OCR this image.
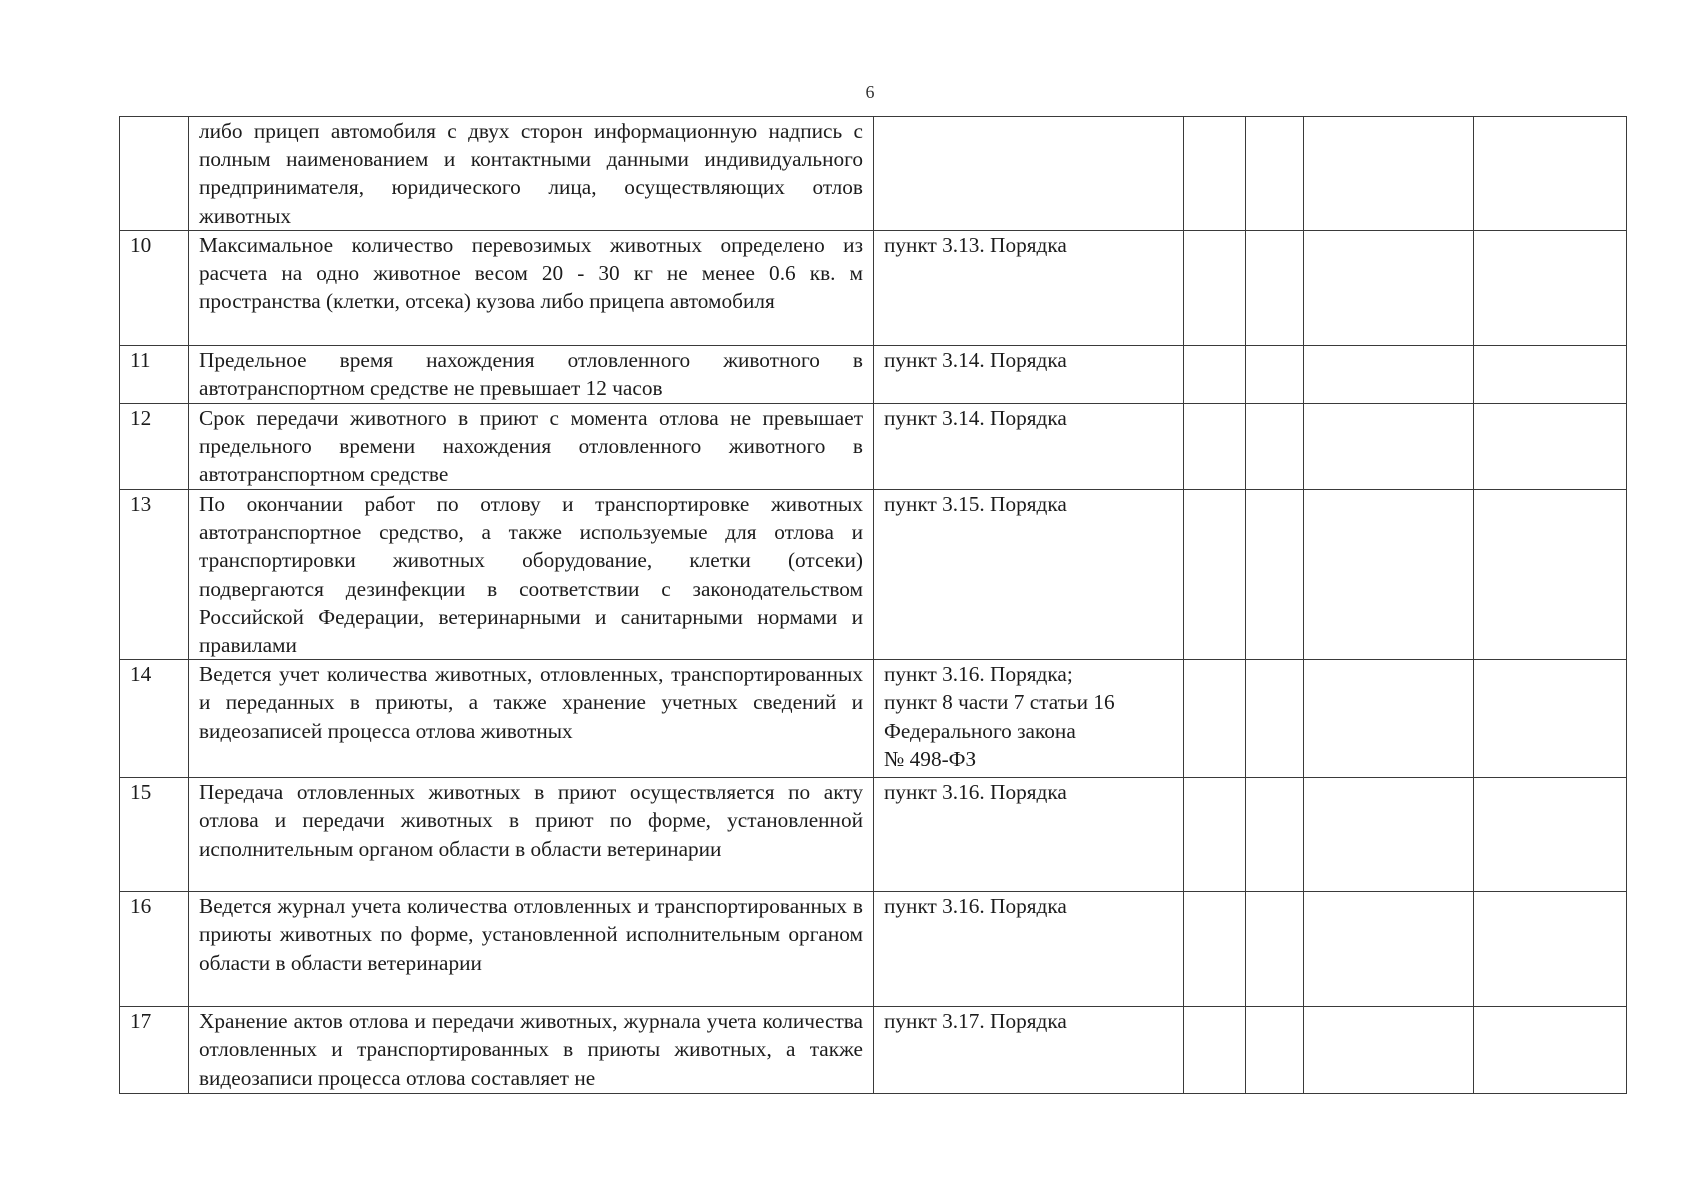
6
	либо прицеп автомобиля с двух сторон информационную надпись с полным наименованием и контактными данными индивидуального предпринимателя, юридического лица, осуществляющих отлов животных					
10	Максимальное количество перевозимых животных определено из расчета на одно животное весом 20 - 30 кг не менее 0.6 кв. м пространства (клетки, отсека) кузова либо прицепа автомобиля	пункт 3.13. Порядка				
11	Предельное время нахождения отловленного животного в автотранспортном средстве не превышает 12 часов	пункт 3.14. Порядка				
12	Срок передачи животного в приют с момента отлова не превышает предельного времени нахождения отловленного животного в автотранспортном средстве	пункт 3.14. Порядка				
13	По окончании работ по отлову и транспортировке животных автотранспортное средство, а также используемые для отлова и транспортировки животных оборудование, клетки (отсеки) подвергаются дезинфекции в соответствии с законодательством Российской Федерации, ветеринарными и санитарными нормами и правилами	пункт 3.15. Порядка				
14	Ведется учет количества животных, отловленных, транспортированных и переданных в приюты, а также хранение учетных сведений и видеозаписей процесса отлова животных	пункт 3.16. Порядка;
пункт 8 части 7 статьи 16 Федерального закона
№ 498-ФЗ				
15	Передача отловленных животных в приют осуществляется по акту отлова и передачи животных в приют по форме, установленной исполнительным органом области в области ветеринарии	пункт 3.16. Порядка				
16	Ведется журнал учета количества отловленных и транспортированных в приюты животных по форме, установленной исполнительным органом области в области ветеринарии	пункт 3.16. Порядка				
17	Хранение актов отлова и передачи животных, журнала учета количества отловленных и транспортированных в приюты животных, а также видеозаписи процесса отлова составляет не	пункт 3.17. Порядка				
